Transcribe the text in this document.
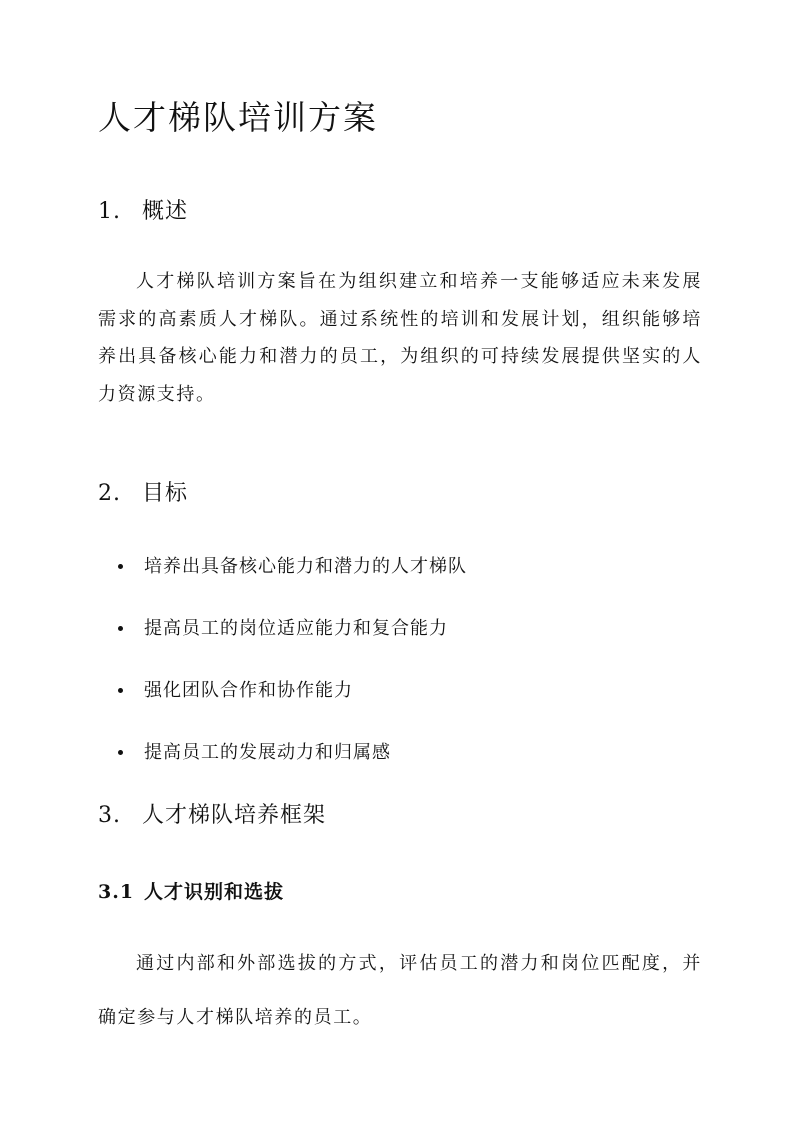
人才梯队培训方案
1. 概述

人才梯队培训方案旨在为组织建立和培养一支能够适应未来发展需求的高素质人才梯队。通过系统性的培训和发展计划，组织能够培养出具备核心能力和潜力的员工，为组织的可持续发展提供坚实的人力资源支持。

2. 目标
培养出具备核心能力和潜力的人才梯队
提高员工的岗位适应能力和复合能力
强化团队合作和协作能力
提高员工的发展动力和归属感
3. 人才梯队培养框架
3.1 人才识别和选拔

通过内部和外部选拔的方式，评估员工的潜力和岗位匹配度，并确定参与人才梯队培养的员工。
